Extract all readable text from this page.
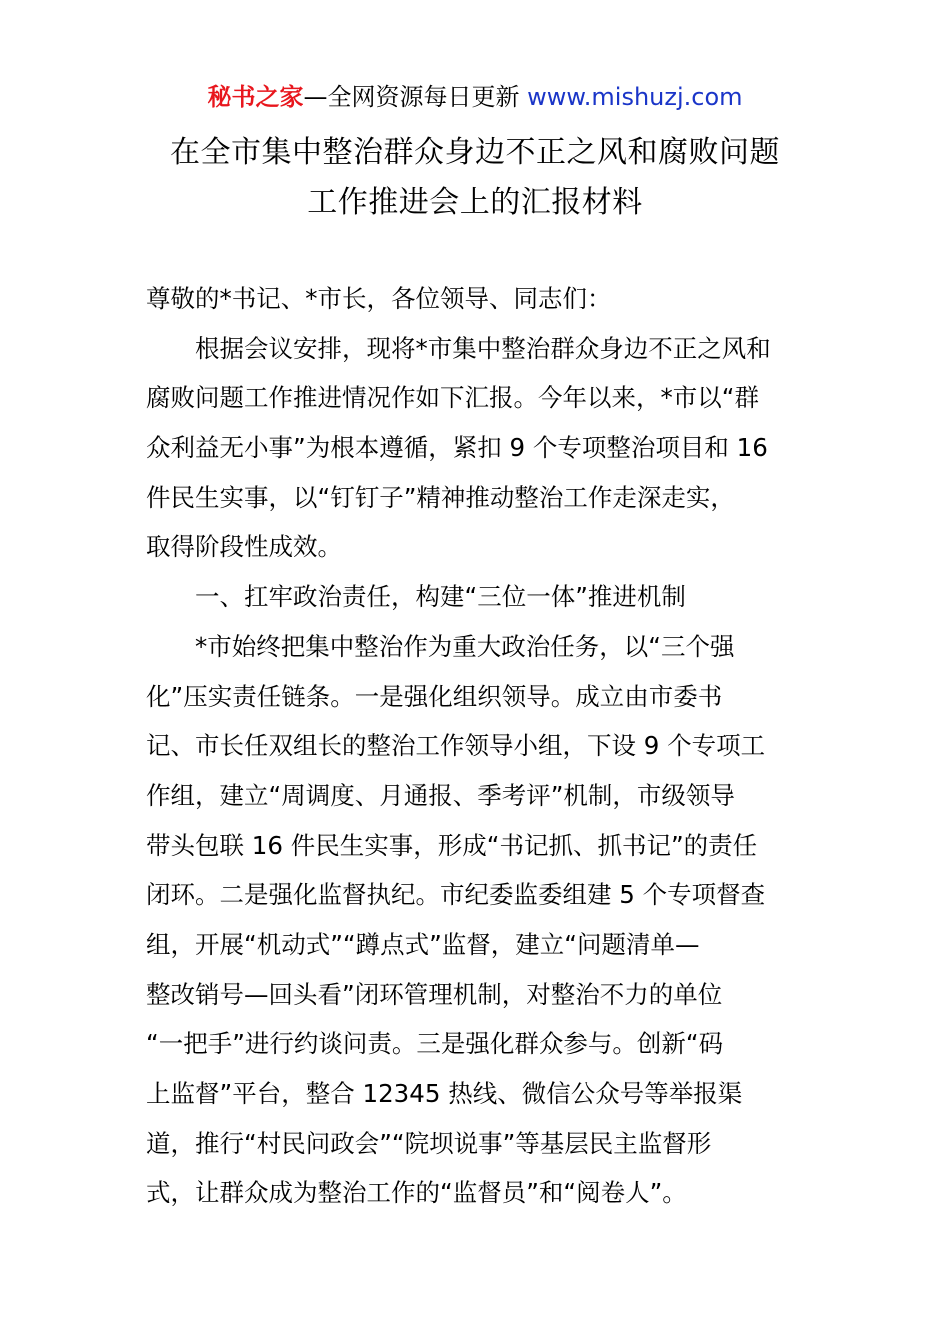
秘书之家—全网资源每日更新 www.mishuzj.com
在全市集中整治群众身边不正之风和腐败问题
工作推进会上的汇报材料
尊敬的*书记、*市长，各位领导、同志们：
根据会议安排，现将*市集中整治群众身边不正之风和
腐败问题工作推进情况作如下汇报。今年以来，*市以“群
众利益无小事”为根本遵循，紧扣 9 个专项整治项目和 16
件民生实事，以“钉钉子”精神推动整治工作走深走实，
取得阶段性成效。
一、扛牢政治责任，构建“三位一体”推进机制
*市始终把集中整治作为重大政治任务，以“三个强
化”压实责任链条。一是强化组织领导。成立由市委书
记、市长任双组长的整治工作领导小组，下设 9 个专项工
作组，建立“周调度、月通报、季考评”机制，市级领导
带头包联 16 件民生实事，形成“书记抓、抓书记”的责任
闭环。二是强化监督执纪。市纪委监委组建 5 个专项督查
组，开展“机动式”“蹲点式”监督，建立“问题清单—
整改销号—回头看”闭环管理机制，对整治不力的单位
“一把手”进行约谈问责。三是强化群众参与。创新“码
上监督”平台，整合 12345 热线、微信公众号等举报渠
道，推行“村民问政会”“院坝说事”等基层民主监督形
式，让群众成为整治工作的“监督员”和“阅卷人”。
